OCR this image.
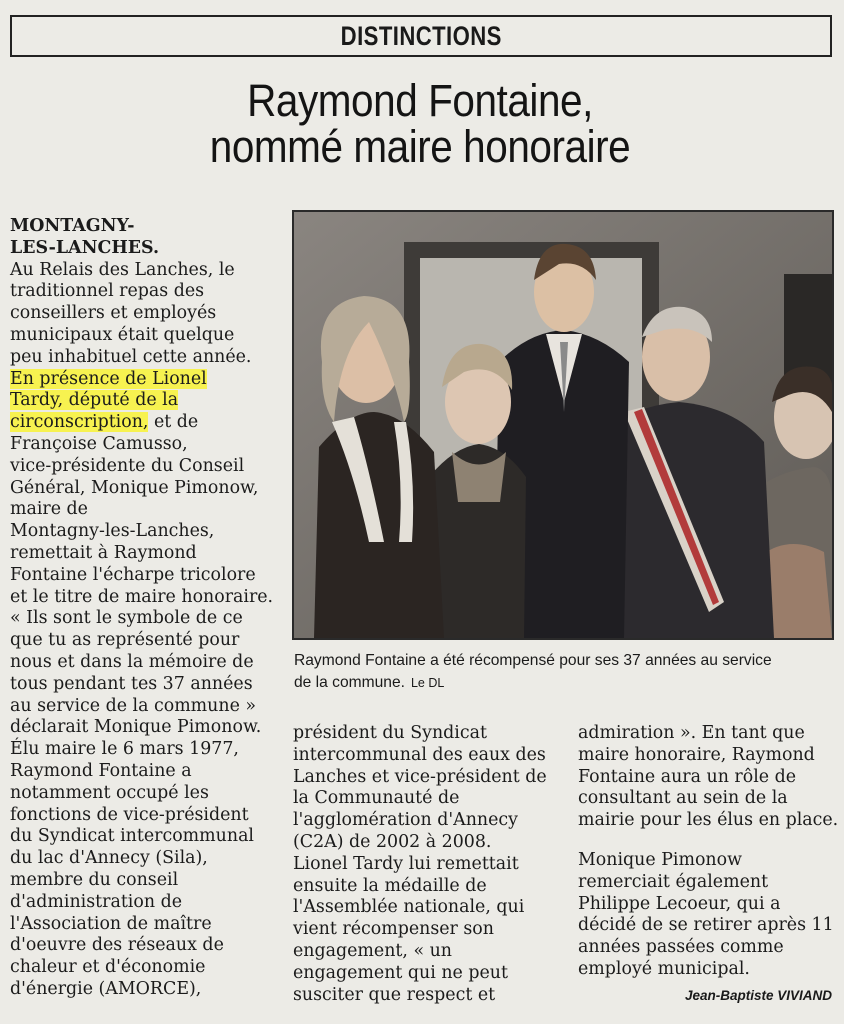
DISTINCTIONS
Raymond Fontaine,
nommé maire honoraire
MONTAGNY-
LES-LANCHES.
Au Relais des Lanches, le
traditionnel repas des
conseillers et employés
municipaux était quelque
peu inhabituel cette année.
En présence de Lionel
Tardy, député de la
circonscription, et de
Françoise Camusso,
vice-présidente du Conseil
Général, Monique Pimonow,
maire de
Montagny-les-Lanches,
remettait à Raymond
Fontaine l'écharpe tricolore
et le titre de maire honoraire.
« Ils sont le symbole de ce
que tu as représenté pour
nous et dans la mémoire de
tous pendant tes 37 années
au service de la commune »
déclarait Monique Pimonow.
Élu maire le 6 mars 1977,
Raymond Fontaine a
notamment occupé les
fonctions de vice-président
du Syndicat intercommunal
du lac d'Annecy (Sila),
membre du conseil
d'administration de
l'Association de maître
d'oeuvre des réseaux de
chaleur et d'économie
d'énergie (AMORCE),
Raymond Fontaine a été récompensé pour ses 37 années au service
de la commune. Le DL
président du Syndicat
intercommunal des eaux des
Lanches et vice-président de
la Communauté de
l'agglomération d'Annecy
(C2A) de 2002 à 2008.
Lionel Tardy lui remettait
ensuite la médaille de
l'Assemblée nationale, qui
vient récompenser son
engagement, « un
engagement qui ne peut
susciter que respect et
admiration ». En tant que
maire honoraire, Raymond
Fontaine aura un rôle de
consultant au sein de la
mairie pour les élus en place.
Monique Pimonow
remerciait également
Philippe Lecoeur, qui a
décidé de se retirer après 11
années passées comme
employé municipal.
Jean-Baptiste VIVIAND
